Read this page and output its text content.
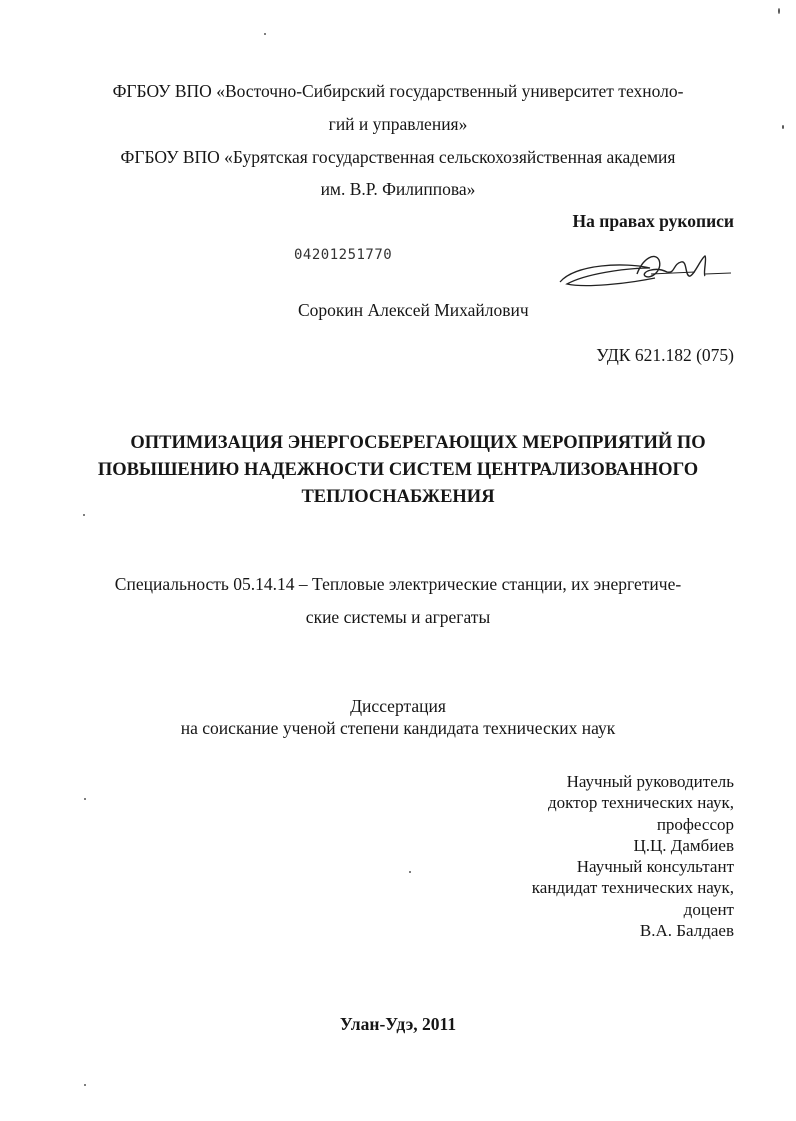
ФГБОУ ВПО «Восточно-Сибирский государственный университет техноло-
гий и управления»
ФГБОУ ВПО «Бурятская государственная сельскохозяйственная академия
им. В.Р. Филиппова»
На правах рукописи
04201251770
Сорокин Алексей Михайлович
УДК 621.182 (075)
ОПТИМИЗАЦИЯ ЭНЕРГОСБЕРЕГАЮЩИХ МЕРОПРИЯТИЙ ПО
ПОВЫШЕНИЮ НАДЕЖНОСТИ СИСТЕМ ЦЕНТРАЛИЗОВАННОГО
ТЕПЛОСНАБЖЕНИЯ
Специальность 05.14.14 – Тепловые электрические станции, их энергетиче-
ские системы и агрегаты
Диссертация
на соискание ученой степени кандидата технических наук
Научный руководитель
доктор технических наук,
профессор
Ц.Ц. Дамбиев
Научный консультант
кандидат технических наук,
доцент
В.А. Балдаев
Улан-Удэ, 2011
